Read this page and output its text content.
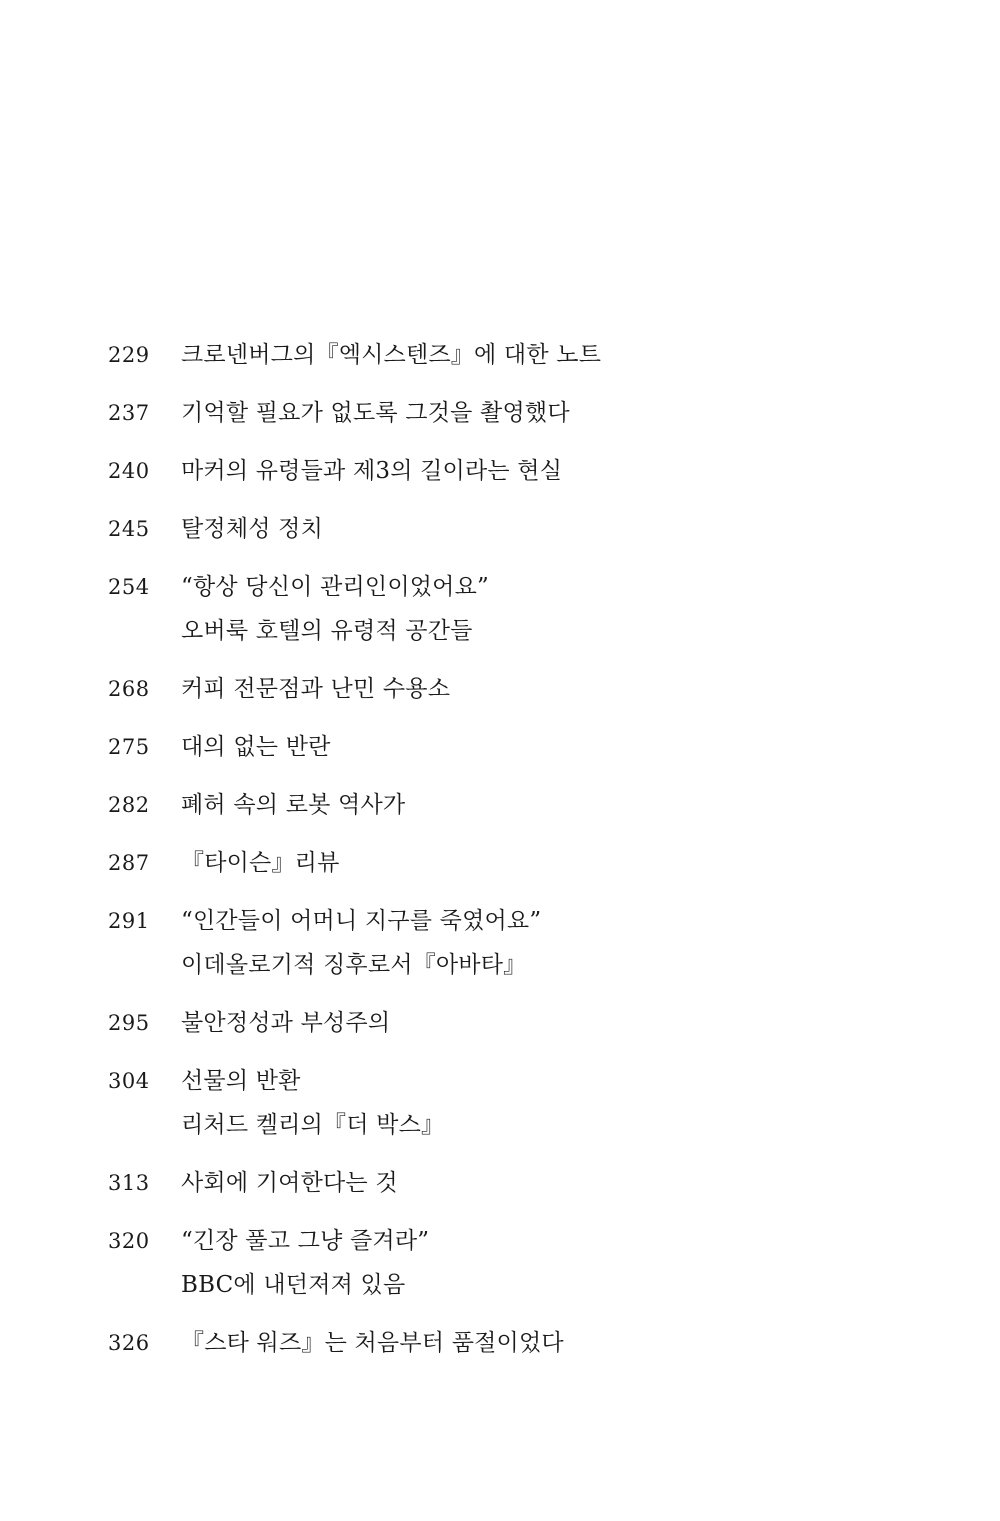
229	크로넨버그의『엑시스텐즈』에 대한 노트
237	기억할 필요가 없도록 그것을 촬영했다
240	마커의 유령들과 제3의 길이라는 현실
245	탈정체성 정치
254	“항상 당신이 관리인이었어요”
오버룩 호텔의 유령적 공간들
268	커피 전문점과 난민 수용소
275	대의 없는 반란
282	폐허 속의 로봇 역사가
287	『타이슨』리뷰
291	“인간들이 어머니 지구를 죽였어요”
이데올로기적 징후로서『아바타』
295	불안정성과 부성주의
304	선물의 반환
리처드 켈리의『더 박스』
313	사회에 기여한다는 것
320	“긴장 풀고 그냥 즐겨라”
BBC에 내던져져 있음
326	『스타 워즈』는 처음부터 품절이었다
